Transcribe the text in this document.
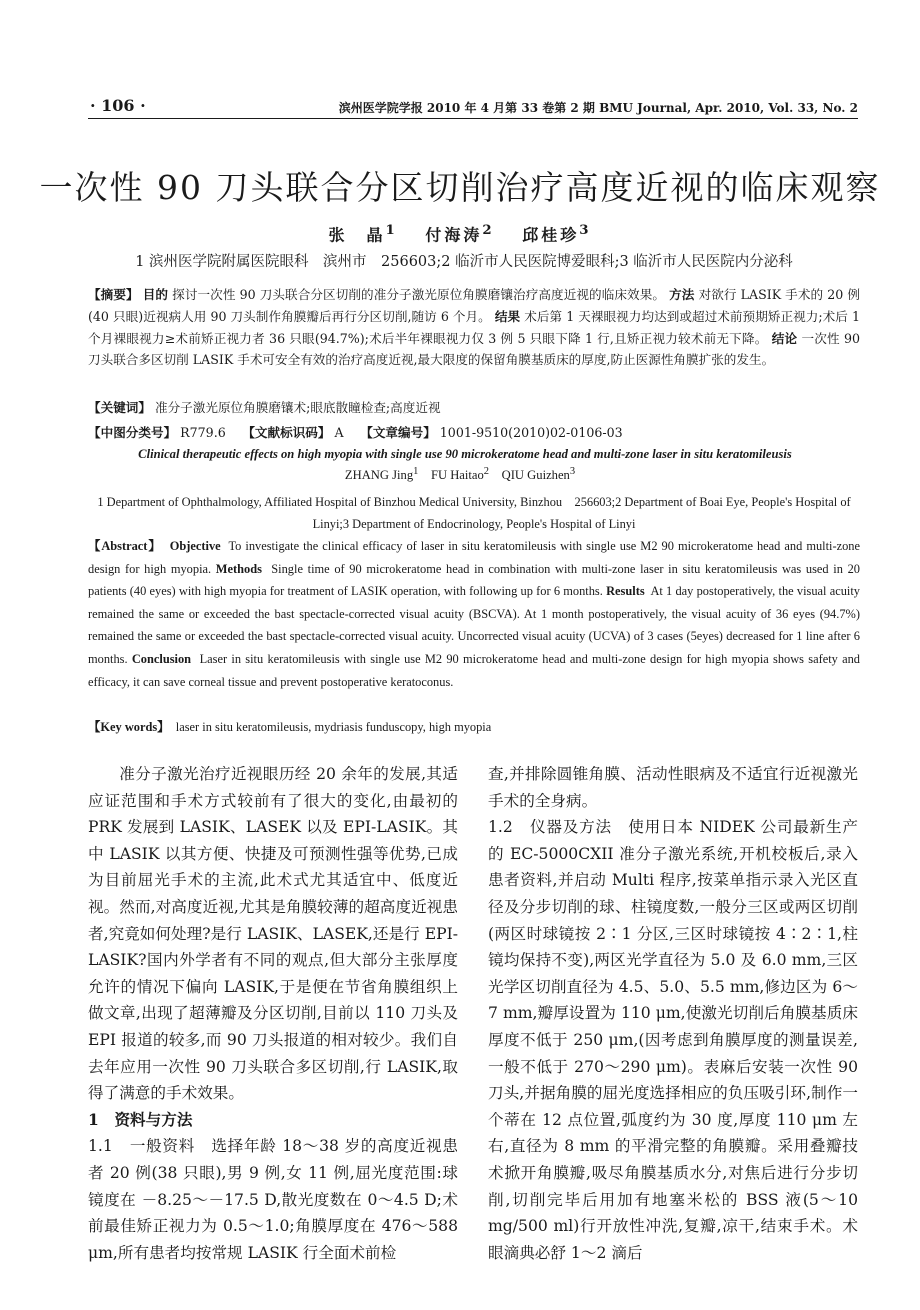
· 106 ·	滨州医学院学报 2010 年 4 月第 33 卷第 2 期 BMU Journal, Apr. 2010, Vol. 33, No. 2
一次性 90 刀头联合分区切削治疗高度近视的临床观察
张　晶$^1$　 付海涛$^2$　 邱桂珍$^3$
1 滨州医学院附属医院眼科　滨州市　256603;2 临沂市人民医院博爱眼科;3 临沂市人民医院内分泌科
【摘要】 目的 探讨一次性 90 刀头联合分区切削的准分子激光原位角膜磨镶治疗高度近视的临床效果。 方法 对欲行 LASIK 手术的 20 例(40 只眼)近视病人用 90 刀头制作角膜瓣后再行分区切削,随访 6 个月。 结果 术后第 1 天裸眼视力均达到或超过术前预期矫正视力;术后 1 个月裸眼视力≥术前矫正视力者 36 只眼(94.7%);术后半年裸眼视力仅 3 例 5 只眼下降 1 行,且矫正视力较术前无下降。 结论 一次性 90 刀头联合多区切削 LASIK 手术可安全有效的治疗高度近视,最大限度的保留角膜基质床的厚度,防止医源性角膜扩张的发生。
【关键词】 准分子激光原位角膜磨镶术;眼底散瞳检查;高度近视
【中图分类号】 R779.6　 【文献标识码】 A　 【文章编号】 1001-9510(2010)02-0106-03
Clinical therapeutic effects on high myopia with single use 90 microkeratome head and multi-zone laser in situ keratomileusis
ZHANG Jing$^1$ FU Haitao$^2$ QIU Guizhen$^3$
1 Department of Ophthalmology, Affiliated Hospital of Binzhou Medical University, Binzhou　256603;2 Department of Boai Eye, People's Hospital of Linyi;3 Department of Endocrinology, People's Hospital of Linyi
【Abstract】 Objective To investigate the clinical efficacy of laser in situ keratomileusis with single use M2 90 microkeratome head and multi-zone design for high myopia. Methods Single time of 90 microkeratome head in combination with multi-zone laser in situ keratomileusis was used in 20 patients (40 eyes) with high myopia for treatment of LASIK operation, with following up for 6 months. Results At 1 day postoperatively, the visual acuity remained the same or exceeded the bast spectacle-corrected visual acuity (BSCVA). At 1 month postoperatively, the visual acuity of 36 eyes (94.7%) remained the same or exceeded the bast spectacle-corrected visual acuity. Uncorrected visual acuity (UCVA) of 3 cases (5eyes) decreased for 1 line after 6 months. Conclusion Laser in situ keratomileusis with single use M2 90 microkeratome head and multi-zone design for high myopia shows safety and efficacy, it can save corneal tissue and prevent postoperative keratoconus.
【Key words】 laser in situ keratomileusis, mydriasis funduscopy, high myopia

准分子激光治疗近视眼历经 20 余年的发展,其适应证范围和手术方式较前有了很大的变化,由最初的 PRK 发展到 LASIK、LASEK 以及 EPI-LASIK。其中 LASIK 以其方便、快捷及可预测性强等优势,已成为目前屈光手术的主流,此术式尤其适宜中、低度近视。然而,对高度近视,尤其是角膜较薄的超高度近视患者,究竟如何处理?是行 LASIK、LASEK,还是行 EPI-LASIK?国内外学者有不同的观点,但大部分主张厚度允许的情况下偏向 LASIK,于是便在节省角膜组织上做文章,出现了超薄瓣及分区切削,目前以 110 刀头及 EPI 报道的较多,而 90 刀头报道的相对较少。我们自去年应用一次性 90 刀头联合多区切削,行 LASIK,取得了满意的手术效果。

1　资料与方法

1.1　一般资料　选择年龄 18～38 岁的高度近视患者 20 例(38 只眼),男 9 例,女 11 例,屈光度范围:球镜度在 －8.25～－17.5 D,散光度数在 0～4.5 D;术前最佳矫正视力为 0.5～1.0;角膜厚度在 476～588 μm,所有患者均按常规 LASIK 行全面术前检

查,并排除圆锥角膜、活动性眼病及不适宜行近视激光手术的全身病。

1.2　仪器及方法　使用日本 NIDEK 公司最新生产的 EC-5000CXII 准分子激光系统,开机校板后,录入患者资料,并启动 Multi 程序,按菜单指示录入光区直径及分步切削的球、柱镜度数,一般分三区或两区切削(两区时球镜按 2∶1 分区,三区时球镜按 4∶2∶1,柱镜均保持不变),两区光学直径为 5.0 及 6.0 mm,三区光学区切削直径为 4.5、5.0、5.5 mm,修边区为 6～7 mm,瓣厚设置为 110 μm,使激光切削后角膜基质床厚度不低于 250 μm,(因考虑到角膜厚度的测量误差,一般不低于 270～290 μm)。表麻后安装一次性 90 刀头,并据角膜的屈光度选择相应的负压吸引环,制作一个蒂在 12 点位置,弧度约为 30 度,厚度 110 μm 左右,直径为 8 mm 的平滑完整的角膜瓣。采用叠瓣技术掀开角膜瓣,吸尽角膜基质水分,对焦后进行分步切削,切削完毕后用加有地塞米松的 BSS 液(5～10 mg/500 ml)行开放性冲洗,复瓣,凉干,结束手术。术眼滴典必舒 1～2 滴后
